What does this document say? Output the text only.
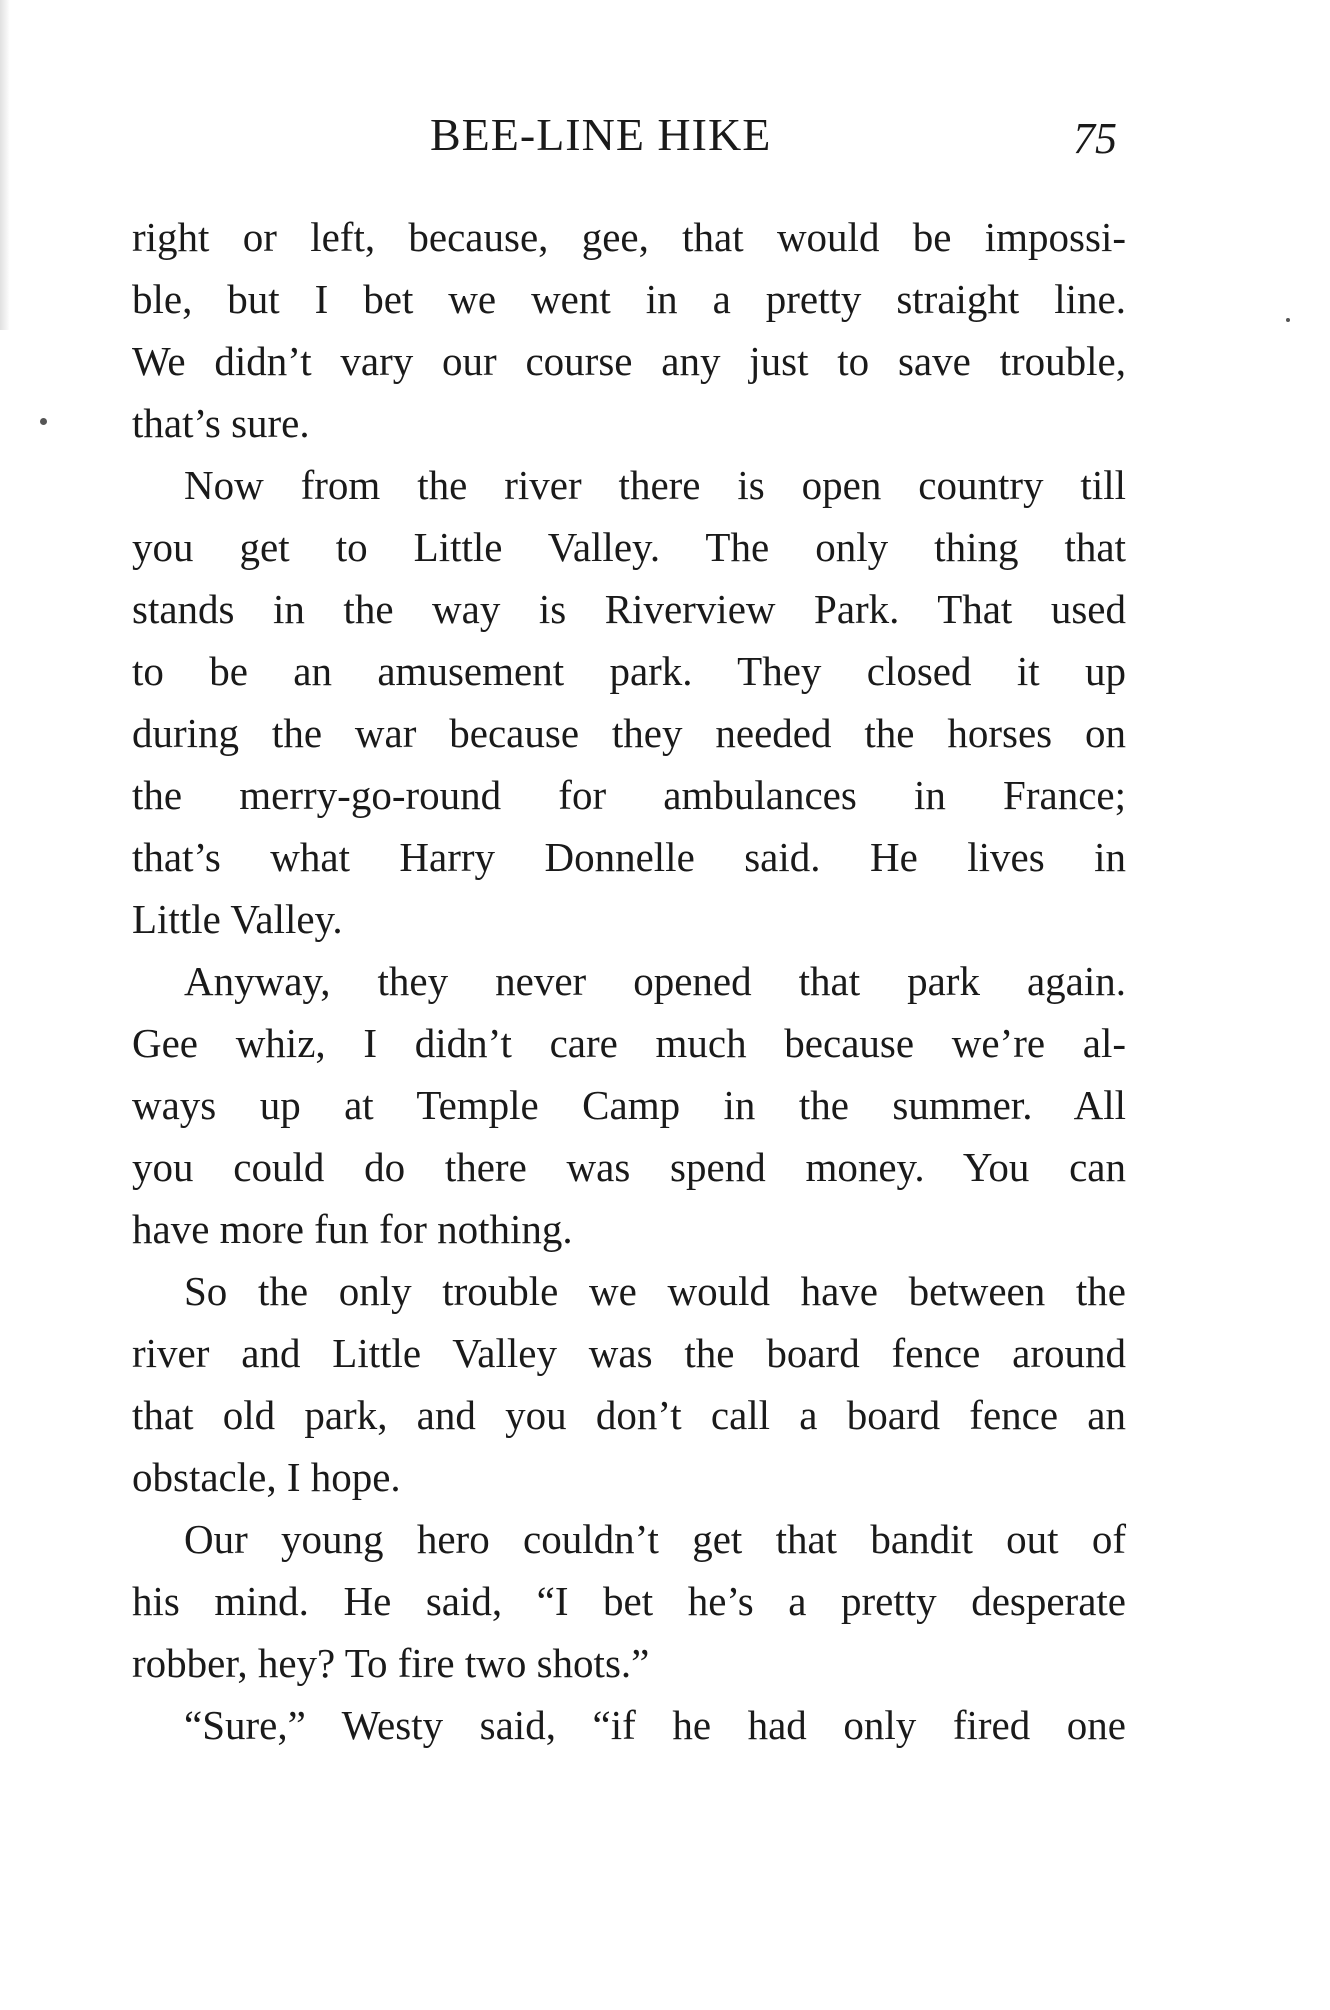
BEE-LINE HIKE	75
right or left, because, gee, that would be impossi-
ble, but I bet we went in a pretty straight line.
We didn’t vary our course any just to save trouble,
that’s sure.
Now from the river there is open country till
you get to Little Valley. The only thing that
stands in the way is Riverview Park. That used
to be an amusement park. They closed it up
during the war because they needed the horses on
the merry-go-round for ambulances in France;
that’s what Harry Donnelle said. He lives in
Little Valley.
Anyway, they never opened that park again.
Gee whiz, I didn’t care much because we’re al-
ways up at Temple Camp in the summer. All
you could do there was spend money. You can
have more fun for nothing.
So the only trouble we would have between the
river and Little Valley was the board fence around
that old park, and you don’t call a board fence an
obstacle, I hope.
Our young hero couldn’t get that bandit out of
his mind. He said, “I bet he’s a pretty desperate
robber, hey? To fire two shots.”
“Sure,” Westy said, “if he had only fired one
